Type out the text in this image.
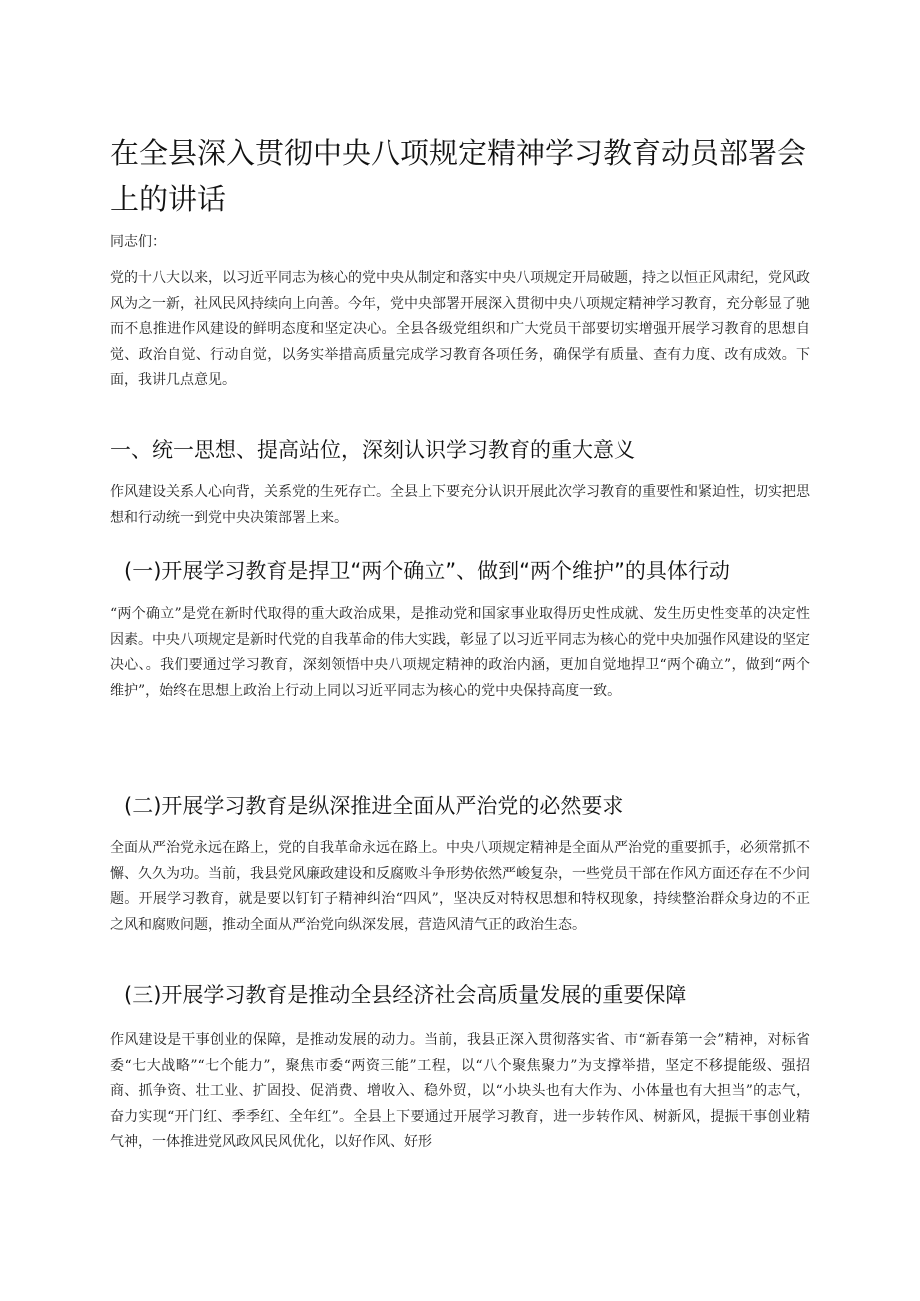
在全县深入贯彻中央八项规定精神学习教育动员部署会上的讲话
同志们：

党的十八大以来，以习近平同志为核心的党中央从制定和落实中央八项规定开局破题，持之以恒正风肃纪，党风政风为之一新，社风民风持续向上向善。今年，党中央部署开展深入贯彻中央八项规定精神学习教育，充分彰显了驰而不息推进作风建设的鲜明态度和坚定决心。全县各级党组织和广大党员干部要切实增强开展学习教育的思想自觉、政治自觉、行动自觉，以务实举措高质量完成学习教育各项任务，确保学有质量、查有力度、改有成效。下面，我讲几点意见。

一、统一思想、提高站位，深刻认识学习教育的重大意义

作风建设关系人心向背，关系党的生死存亡。全县上下要充分认识开展此次学习教育的重要性和紧迫性，切实把思想和行动统一到党中央决策部署上来。

(一)开展学习教育是捍卫“两个确立”、做到“两个维护”的具体行动

“两个确立”是党在新时代取得的重大政治成果，是推动党和国家事业取得历史性成就、发生历史性变革的决定性因素。中央八项规定是新时代党的自我革命的伟大实践，彰显了以习近平同志为核心的党中央加强作风建设的坚定决心、。我们要通过学习教育，深刻领悟中央八项规定精神的政治内涵，更加自觉地捍卫“两个确立”，做到“两个维护”，始终在思想上政治上行动上同以习近平同志为核心的党中央保持高度一致。

(二)开展学习教育是纵深推进全面从严治党的必然要求

全面从严治党永远在路上，党的自我革命永远在路上。中央八项规定精神是全面从严治党的重要抓手，必须常抓不懈、久久为功。当前，我县党风廉政建设和反腐败斗争形势依然严峻复杂，一些党员干部在作风方面还存在不少问题。开展学习教育，就是要以钉钉子精神纠治“四风”，坚决反对特权思想和特权现象，持续整治群众身边的不正之风和腐败问题，推动全面从严治党向纵深发展，营造风清气正的政治生态。

(三)开展学习教育是推动全县经济社会高质量发展的重要保障

作风建设是干事创业的保障，是推动发展的动力。当前，我县正深入贯彻落实省、市“新春第一会”精神，对标省委“七大战略”“七个能力”，聚焦市委“两资三能”工程，以“八个聚焦聚力”为支撑举措，坚定不移提能级、强招商、抓争资、壮工业、扩固投、促消费、增收入、稳外贸，以“小块头也有大作为、小体量也有大担当”的志气，奋力实现“开门红、季季红、全年红”。全县上下要通过开展学习教育，进一步转作风、树新风，提振干事创业精气神，一体推进党风政风民风优化，以好作风、好形
